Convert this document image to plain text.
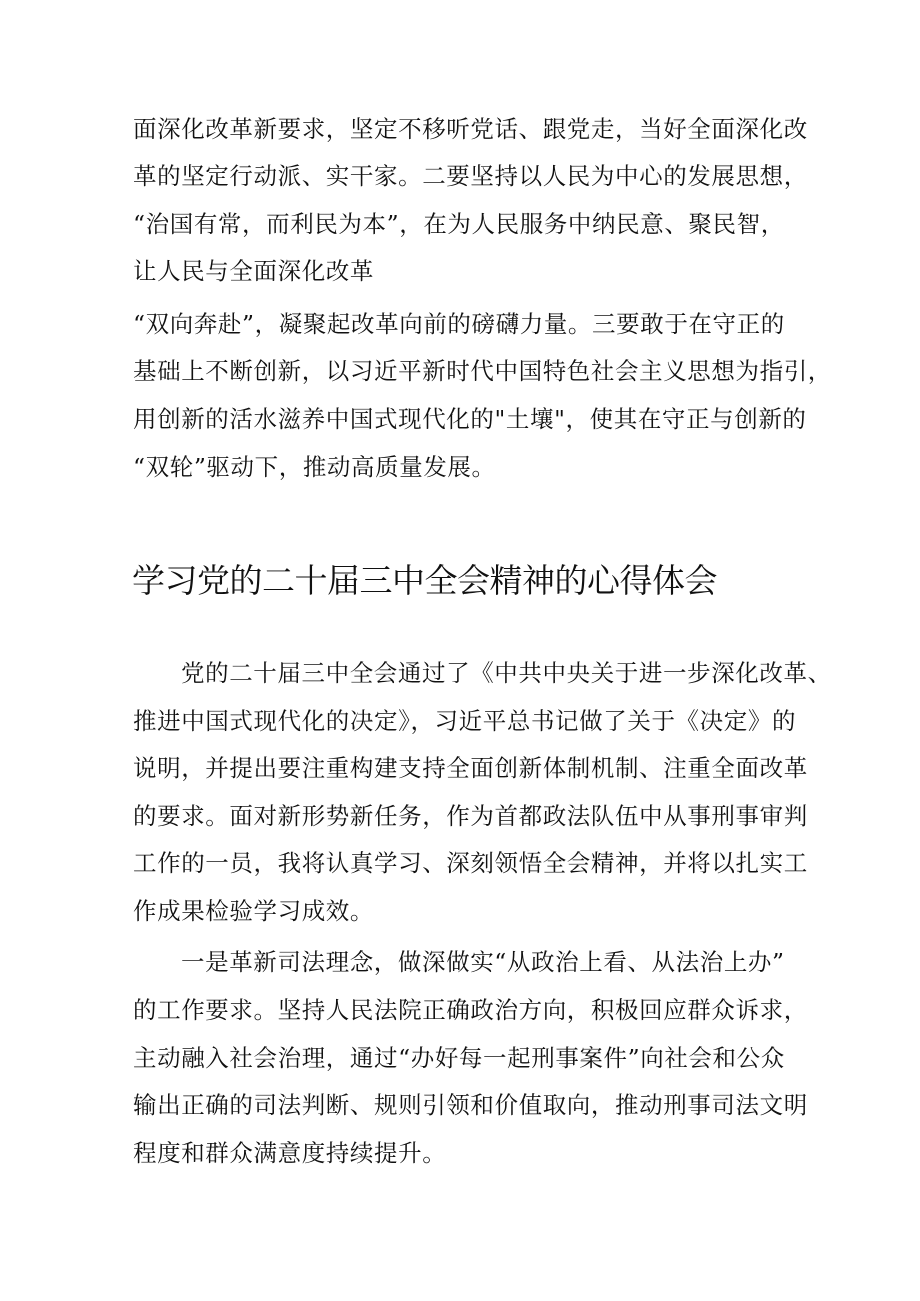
面深化改革新要求，坚定不移听党话、跟党走，当好全面深化改
革的坚定行动派、实干家。二要坚持以人民为中心的发展思想，
“治国有常，而利民为本”，在为人民服务中纳民意、聚民智，
让人民与全面深化改革
“双向奔赴”，凝聚起改革向前的磅礴力量。三要敢于在守正的
基础上不断创新，以习近平新时代中国特色社会主义思想为指引，
用创新的活水滋养中国式现代化的"土壤"，使其在守正与创新的
“双轮”驱动下，推动高质量发展。
学习党的二十届三中全会精神的心得体会
党的二十届三中全会通过了《中共中央关于进一步深化改革、
推进中国式现代化的决定》，习近平总书记做了关于《决定》的
说明，并提出要注重构建支持全面创新体制机制、注重全面改革
的要求。面对新形势新任务，作为首都政法队伍中从事刑事审判
工作的一员，我将认真学习、深刻领悟全会精神，并将以扎实工
作成果检验学习成效。
一是革新司法理念，做深做实“从政治上看、从法治上办”
的工作要求。坚持人民法院正确政治方向，积极回应群众诉求，
主动融入社会治理，通过“办好每一起刑事案件”向社会和公众
输出正确的司法判断、规则引领和价值取向，推动刑事司法文明
程度和群众满意度持续提升。
